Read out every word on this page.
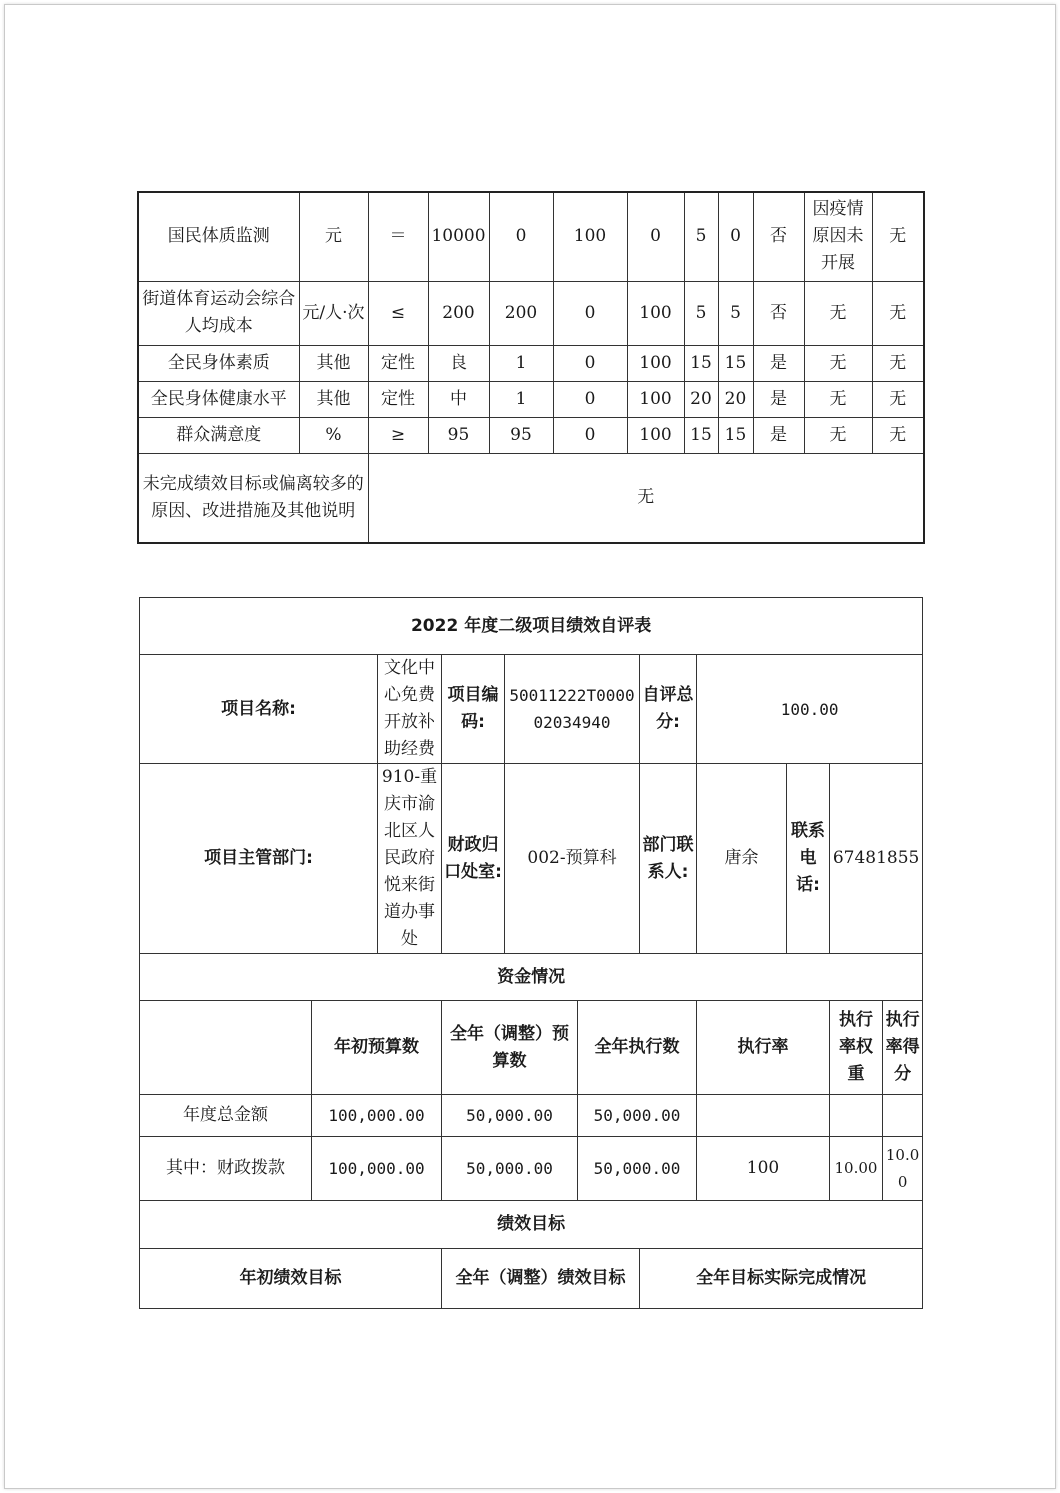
国民体质监测	元	＝	10000	0	100	0	5	0	否	因疫情原因未开展	无
街道体育运动会综合人均成本	元/人·次	≤	200	200	0	100	5	5	否	无	无
全民身体素质	其他	定性	良	1	0	100	15	15	是	无	无
全民身体健康水平	其他	定性	中	1	0	100	20	20	是	无	无
群众满意度	%	≥	95	95	0	100	15	15	是	无	无
未完成绩效目标或偏离较多的原因、改进措施及其他说明		无									
2022 年度二级项目绩效自评表										
项目名称:		文化中心免费开放补助经费	项目编码:	50011222T000002034940		自评总分:	100.00			
项目主管部门:		910-重庆市渝北区人民政府悦来街道办事处	财政归口处室:	002-预算科		部门联系人:	唐余	联系电话:	67481855	
资金情况										
	年初预算数		全年（调整）预算数		全年执行数		执行率		执行率权重	执行率得分
年度总金额	100,000.00		50,000.00		50,000.00					
其中：财政拨款	100,000.00		50,000.00		50,000.00		100		10.00	10.00
绩效目标										
年初绩效目标			全年（调整）绩效目标			全年目标实际完成情况				
